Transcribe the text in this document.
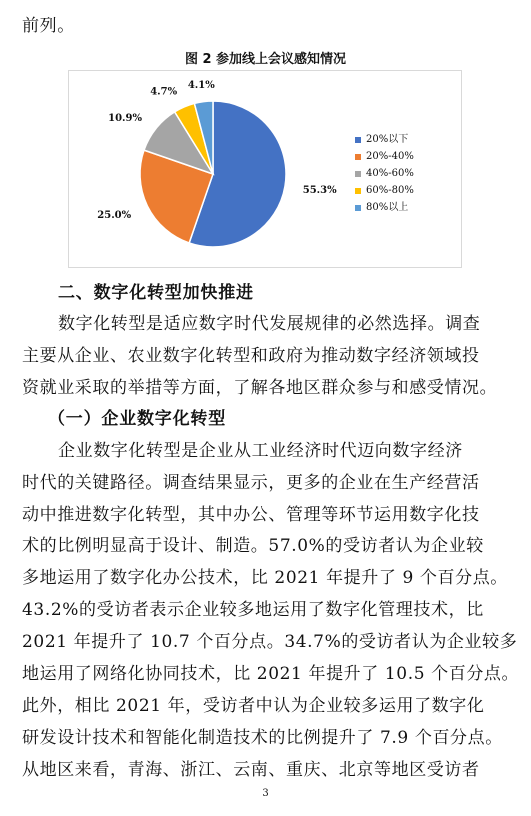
前列。
图 2 参加线上会议感知情况
55.3%
25.0%
10.9%
4.7%
4.1%
20%以下
20%-40%
40%-60%
60%-80%
80%以上
二、数字化转型加快推进
数字化转型是适应数字时代发展规律的必然选择。调查
主要从企业、农业数字化转型和政府为推动数字经济领域投
资就业采取的举措等方面，了解各地区群众参与和感受情况。
（一）企业数字化转型
企业数字化转型是企业从工业经济时代迈向数字经济
时代的关键路径。调查结果显示，更多的企业在生产经营活
动中推进数字化转型，其中办公、管理等环节运用数字化技
术的比例明显高于设计、制造。57.0%的受访者认为企业较
多地运用了数字化办公技术，比 2021 年提升了 9 个百分点。
43.2%的受访者表示企业较多地运用了数字化管理技术，比
2021 年提升了 10.7 个百分点。34.7%的受访者认为企业较多
地运用了网络化协同技术，比 2021 年提升了 10.5 个百分点。
此外，相比 2021 年，受访者中认为企业较多运用了数字化
研发设计技术和智能化制造技术的比例提升了 7.9 个百分点。
从地区来看，青海、浙江、云南、重庆、北京等地区受访者
3
